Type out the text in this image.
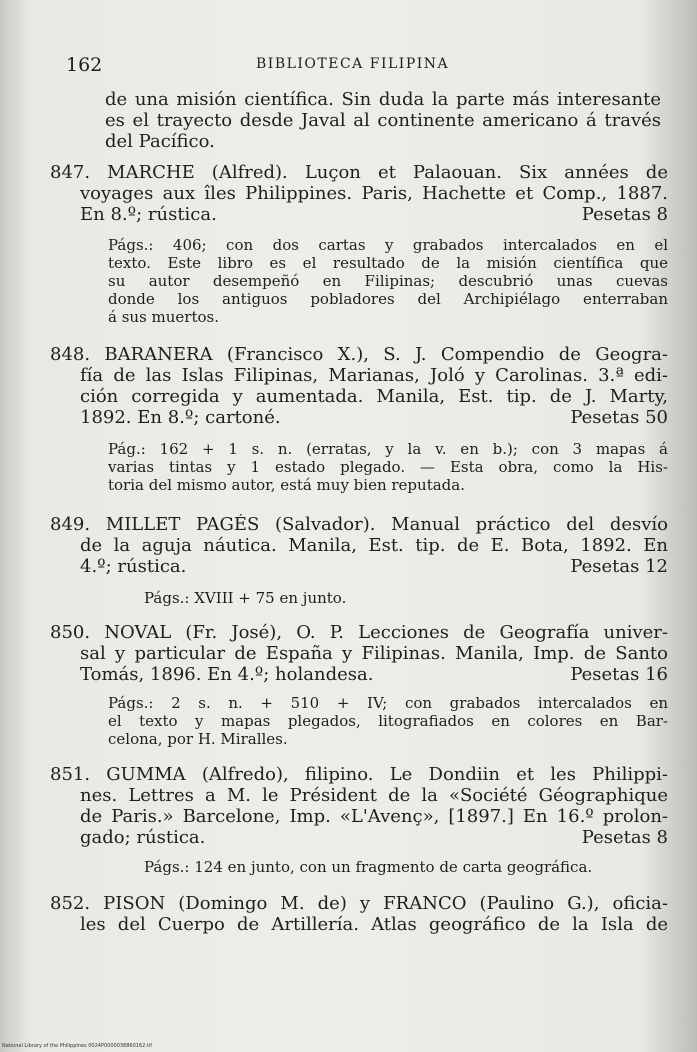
162	BIBLIOTECA FILIPINA
de una misión científica. Sin duda la parte más interesante
es el trayecto desde Javal al continente americano á través
del Pacífico.
847. MARCHE (Alfred). Luçon et Palaouan. Six années de
voyages aux îles Philippines. Paris, Hachette et Comp., 1887.
En 8.º; rústica.	Pesetas 8
Págs.: 406; con dos cartas y grabados intercalados en el
texto. Este libro es el resultado de la misión científica que
su autor desempeñó en Filipinas; descubrió unas cuevas
donde los antiguos pobladores del Archipiélago enterraban
á sus muertos.
848. BARANERA (Francisco X.), S. J. Compendio de Geogra-
fía de las Islas Filipinas, Marianas, Joló y Carolinas. 3.ª edi-
ción corregida y aumentada. Manila, Est. tip. de J. Marty,
1892. En 8.º; cartoné.	Pesetas 50
Pág.: 162 + 1 s. n. (erratas, y la v. en b.); con 3 mapas á
varias tintas y 1 estado plegado. — Esta obra, como la His-
toria del mismo autor, está muy bien reputada.
849. MILLET PAGÉS (Salvador). Manual práctico del desvío
de la aguja náutica. Manila, Est. tip. de E. Bota, 1892. En
4.º; rústica.	Pesetas 12
Págs.: XVIII + 75 en junto.
850. NOVAL (Fr. José), O. P. Lecciones de Geografía univer-
sal y particular de España y Filipinas. Manila, Imp. de Santo
Tomás, 1896. En 4.º; holandesa.	Pesetas 16
Págs.: 2 s. n. + 510 + IV; con grabados intercalados en
el texto y mapas plegados, litografiados en colores en Bar-
celona, por H. Miralles.
851. GUMMA (Alfredo), filipino. Le Dondiin et les Philippi-
nes. Lettres a M. le Président de la «Société Géographique
de Paris.» Barcelone, Imp. «L'Avenç», [1897.] En 16.º prolon-
gado; rústica.	Pesetas 8
Págs.: 124 en junto, con un fragmento de carta geográfica.
852. PISON (Domingo M. de) y FRANCO (Paulino G.), oficia-
les del Cuerpo de Artillería. Atlas geográfico de la Isla de
National Library of the Philippines 0024P0000038860162.tif
